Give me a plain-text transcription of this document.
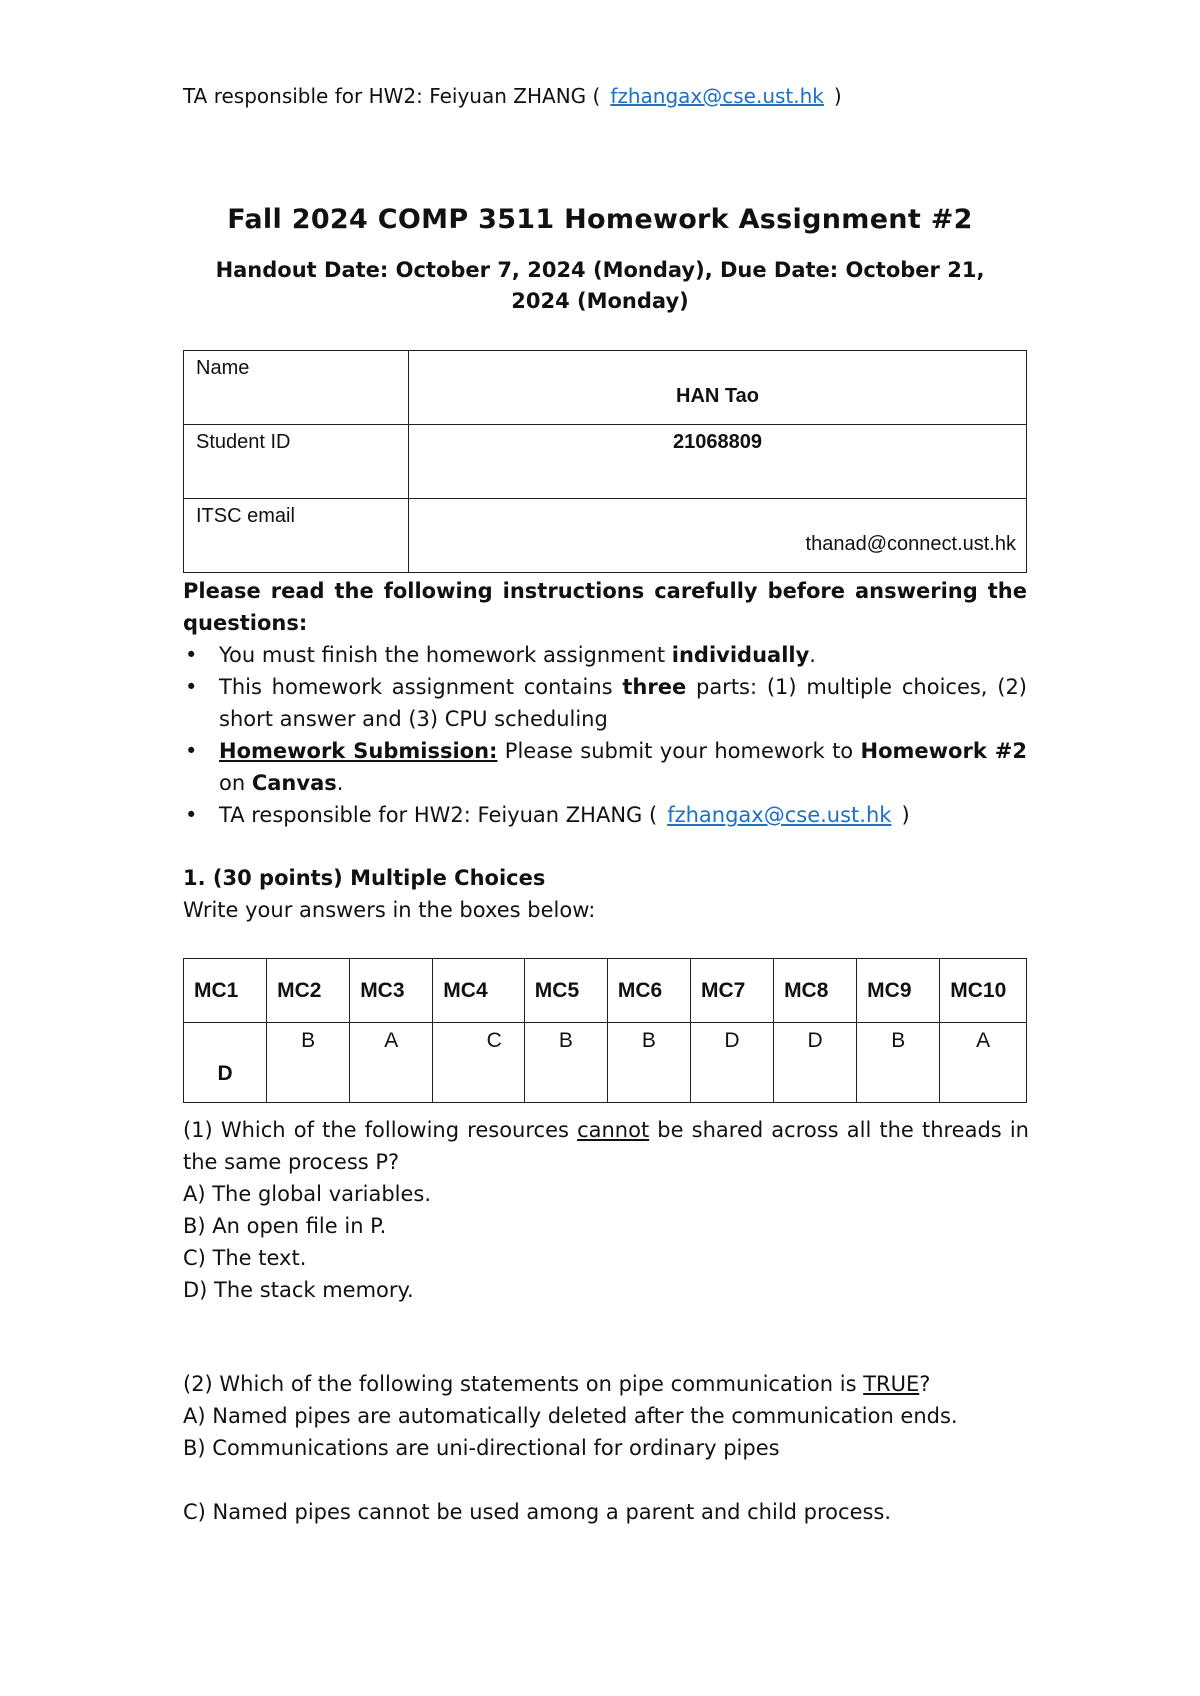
TA responsible for HW2: Feiyuan ZHANG ( fzhangax@cse.ust.hk )
Fall 2024 COMP 3511 Homework Assignment #2
Handout Date: October 7, 2024 (Monday), Due Date: October 21, 2024 (Monday)
Name	HAN Tao

Student ID	21068809

ITSC email	thanad@connect.ust.hk
Please read the following instructions carefully before answering the questions:
• You must finish the homework assignment individually.
• This homework assignment contains three parts: (1) multiple choices, (2) short answer and (3) CPU scheduling
• Homework Submission: Please submit your homework to Homework #2 on Canvas.
• TA responsible for HW2: Feiyuan ZHANG ( fzhangax@cse.ust.hk )
1. (30 points) Multiple Choices
Write your answers in the boxes below:
MC1	MC2	MC3	MC4	MC5	MC6	MC7	MC8	MC9	MC10
D	B	A	C	B	B	D	D	B	A

(1) Which of the following resources cannot be shared across all the threads in the same process P?

A) The global variables.

B) An open file in P.

C) The text.

D) The stack memory.

(2) Which of the following statements on pipe communication is TRUE?

A) Named pipes are automatically deleted after the communication ends.

B) Communications are uni-directional for ordinary pipes

C) Named pipes cannot be used among a parent and child process.
